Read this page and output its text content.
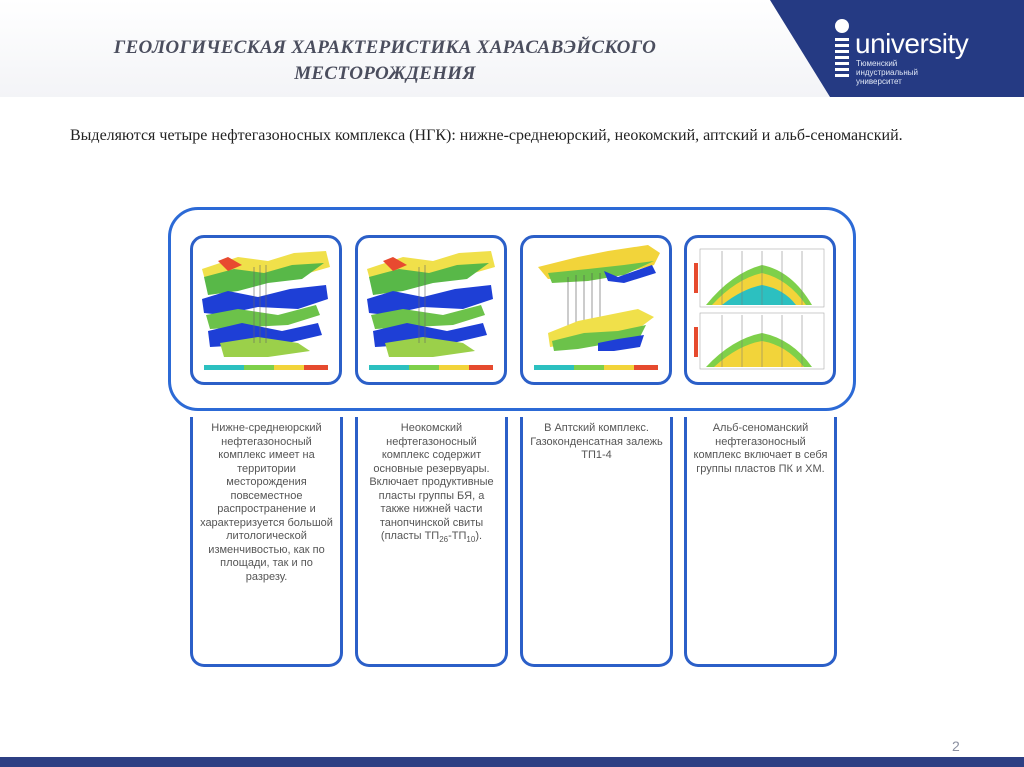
university
Тюменский
индустриальный
университет
ГЕОЛОГИЧЕСКАЯ ХАРАКТЕРИСТИКА ХАРАСАВЭЙСКОГО
МЕСТОРОЖДЕНИЯ
Выделяются четыре нефтегазоносных комплекса (НГК): нижне-среднеюрский, неокомский, аптский и альб-сеноманский.
Нижне-среднеюрский нефтегазоносный комплекс имеет на территории месторождения повсеместное распространение и характеризуется большой литологической изменчивостью, как по площади, так и по разрезу.
Неокомский нефтегазоносный комплекс содержит основные резервуары. Включает продуктивные пласты группы БЯ, а также нижней части танопчинской свиты (пласты $ТП_{26}-ТП_{10}$).
В Аптский комплекс. Газоконденсатная залежь ТП1-4
Альб-сеноманский нефтегазоносный комплекс включает в себя группы пластов ПК и ХМ.
2
